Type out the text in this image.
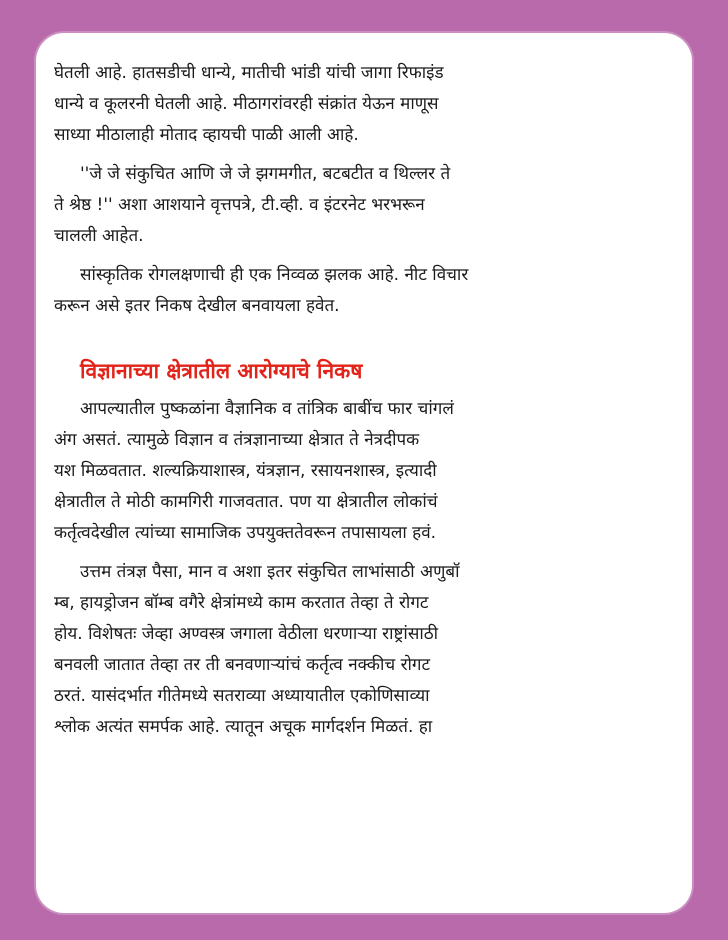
घेतली आहे. हातसडीची धान्ये, मातीची भांडी यांची जागा रिफाइंड
धान्ये व कूलरनी घेतली आहे. मीठागरांवरही संक्रांत येऊन माणूस
साध्या मीठालाही मोताद व्हायची पाळी आली आहे.

''जे जे संकुचित आणि जे जे झगमगीत, बटबटीत व थिल्लर ते
ते श्रेष्ठ !'' अशा आशयाने वृत्तपत्रे, टी.व्ही. व इंटरनेट भरभरून
चालली आहेत.

सांस्कृतिक रोगलक्षणाची ही एक निव्वळ झलक आहे. नीट विचार
करून असे इतर निकष देखील बनवायला हवेत.

विज्ञानाच्या क्षेत्रातील आरोग्याचे निकष

आपल्यातील पुष्कळांना वैज्ञानिक व तांत्रिक बाबींच फार चांगलं
अंग असतं. त्यामुळे विज्ञान व तंत्रज्ञानाच्या क्षेत्रात ते नेत्रदीपक
यश मिळवतात. शल्यक्रियाशास्त्र, यंत्रज्ञान, रसायनशास्त्र, इत्यादी
क्षेत्रातील ते मोठी कामगिरी गाजवतात. पण या क्षेत्रातील लोकांचं
कर्तृत्वदेखील त्यांच्या सामाजिक उपयुक्ततेवरून तपासायला हवं.

उत्तम तंत्रज्ञ पैसा, मान व अशा इतर संकुचित लाभांसाठी अणुबॉ
म्ब, हायड्रोजन बॉम्ब वगैरे क्षेत्रांमध्ये काम करतात तेव्हा ते रोगट
होय. विशेषतः जेव्हा अण्वस्त्र जगाला वेठीला धरणाऱ्या राष्ट्रांसाठी
बनवली जातात तेव्हा तर ती बनवणाऱ्यांचं कर्तृत्व नक्कीच रोगट
ठरतं. यासंदर्भात गीतेमध्ये सतराव्या अध्यायातील एकोणिसाव्या
श्लोक अत्यंत समर्पक आहे. त्यातून अचूक मार्गदर्शन मिळतं. हा
